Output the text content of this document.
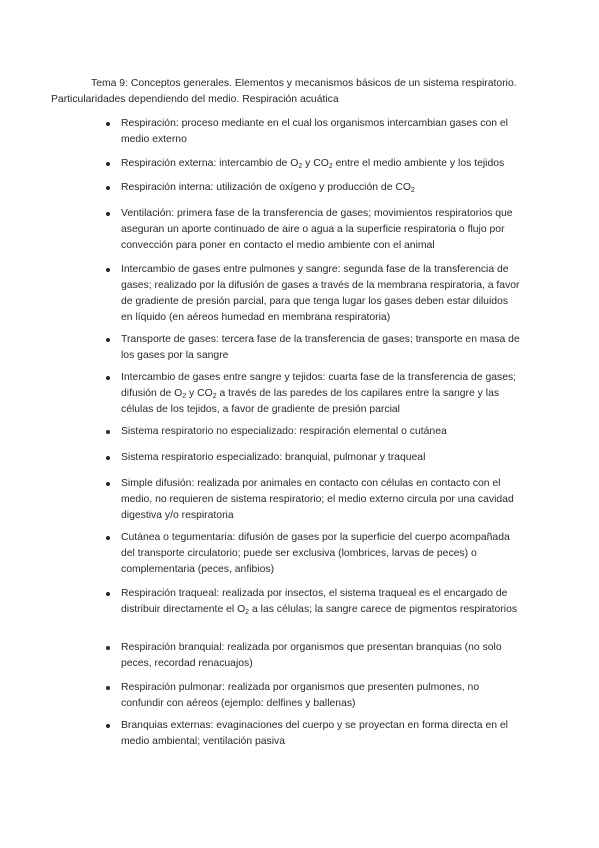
Tema 9: Conceptos generales. Elementos y mecanismos básicos de un sistema respiratorio. Particularidades dependiendo del medio. Respiración acuática
Respiración: proceso mediante en el cual los organismos intercambian gases con el medio externo
Respiración externa: intercambio de $O_2$ y $CO_2$ entre el medio ambiente y los tejidos
Respiración interna: utilización de oxígeno y producción de $CO_2$
Ventilación: primera fase de la transferencia de gases; movimientos respiratorios que aseguran un aporte continuado de aire o agua a la superficie respiratoria o flujo por convección para poner en contacto el medio ambiente con el animal
Intercambio de gases entre pulmones y sangre: segunda fase de la transferencia de gases; realizado por la difusión de gases a través de la membrana respiratoria, a favor de gradiente de presión parcial, para que tenga lugar los gases deben estar diluidos en líquido (en aéreos humedad en membrana respiratoria)
Transporte de gases: tercera fase de la transferencia de gases; transporte en masa de los gases por la sangre
Intercambio de gases entre sangre y tejidos: cuarta fase de la transferencia de gases; difusión de $O_2$ y $CO_2$ a través de las paredes de los capilares entre la sangre y las células de los tejidos, a favor de gradiente de presión parcial
Sistema respiratorio no especializado: respiración elemental o cutánea
Sistema respiratorio especializado: branquial, pulmonar y traqueal
Simple difusión: realizada por animales en contacto con células en contacto con el medio, no requieren de sistema respiratorio; el medio externo circula por una cavidad digestiva y/o respiratoria
Cutánea o tegumentaria: difusión de gases por la superficie del cuerpo acompañada del transporte circulatorio; puede ser exclusiva (lombrices, larvas de peces) o complementaria (peces, anfibios)
Respiración traqueal: realizada por insectos, el sistema traqueal es el encargado de distribuir directamente el $O_2$ a las células; la sangre carece de pigmentos respiratorios
Respiración branquial: realizada por organismos que presentan branquias (no solo peces, recordad renacuajos)
Respiración pulmonar: realizada por organismos que presenten pulmones, no confundir con aéreos (ejemplo: delfines y ballenas)
Branquias externas: evaginaciones del cuerpo y se proyectan en forma directa en el medio ambiental; ventilación pasiva
